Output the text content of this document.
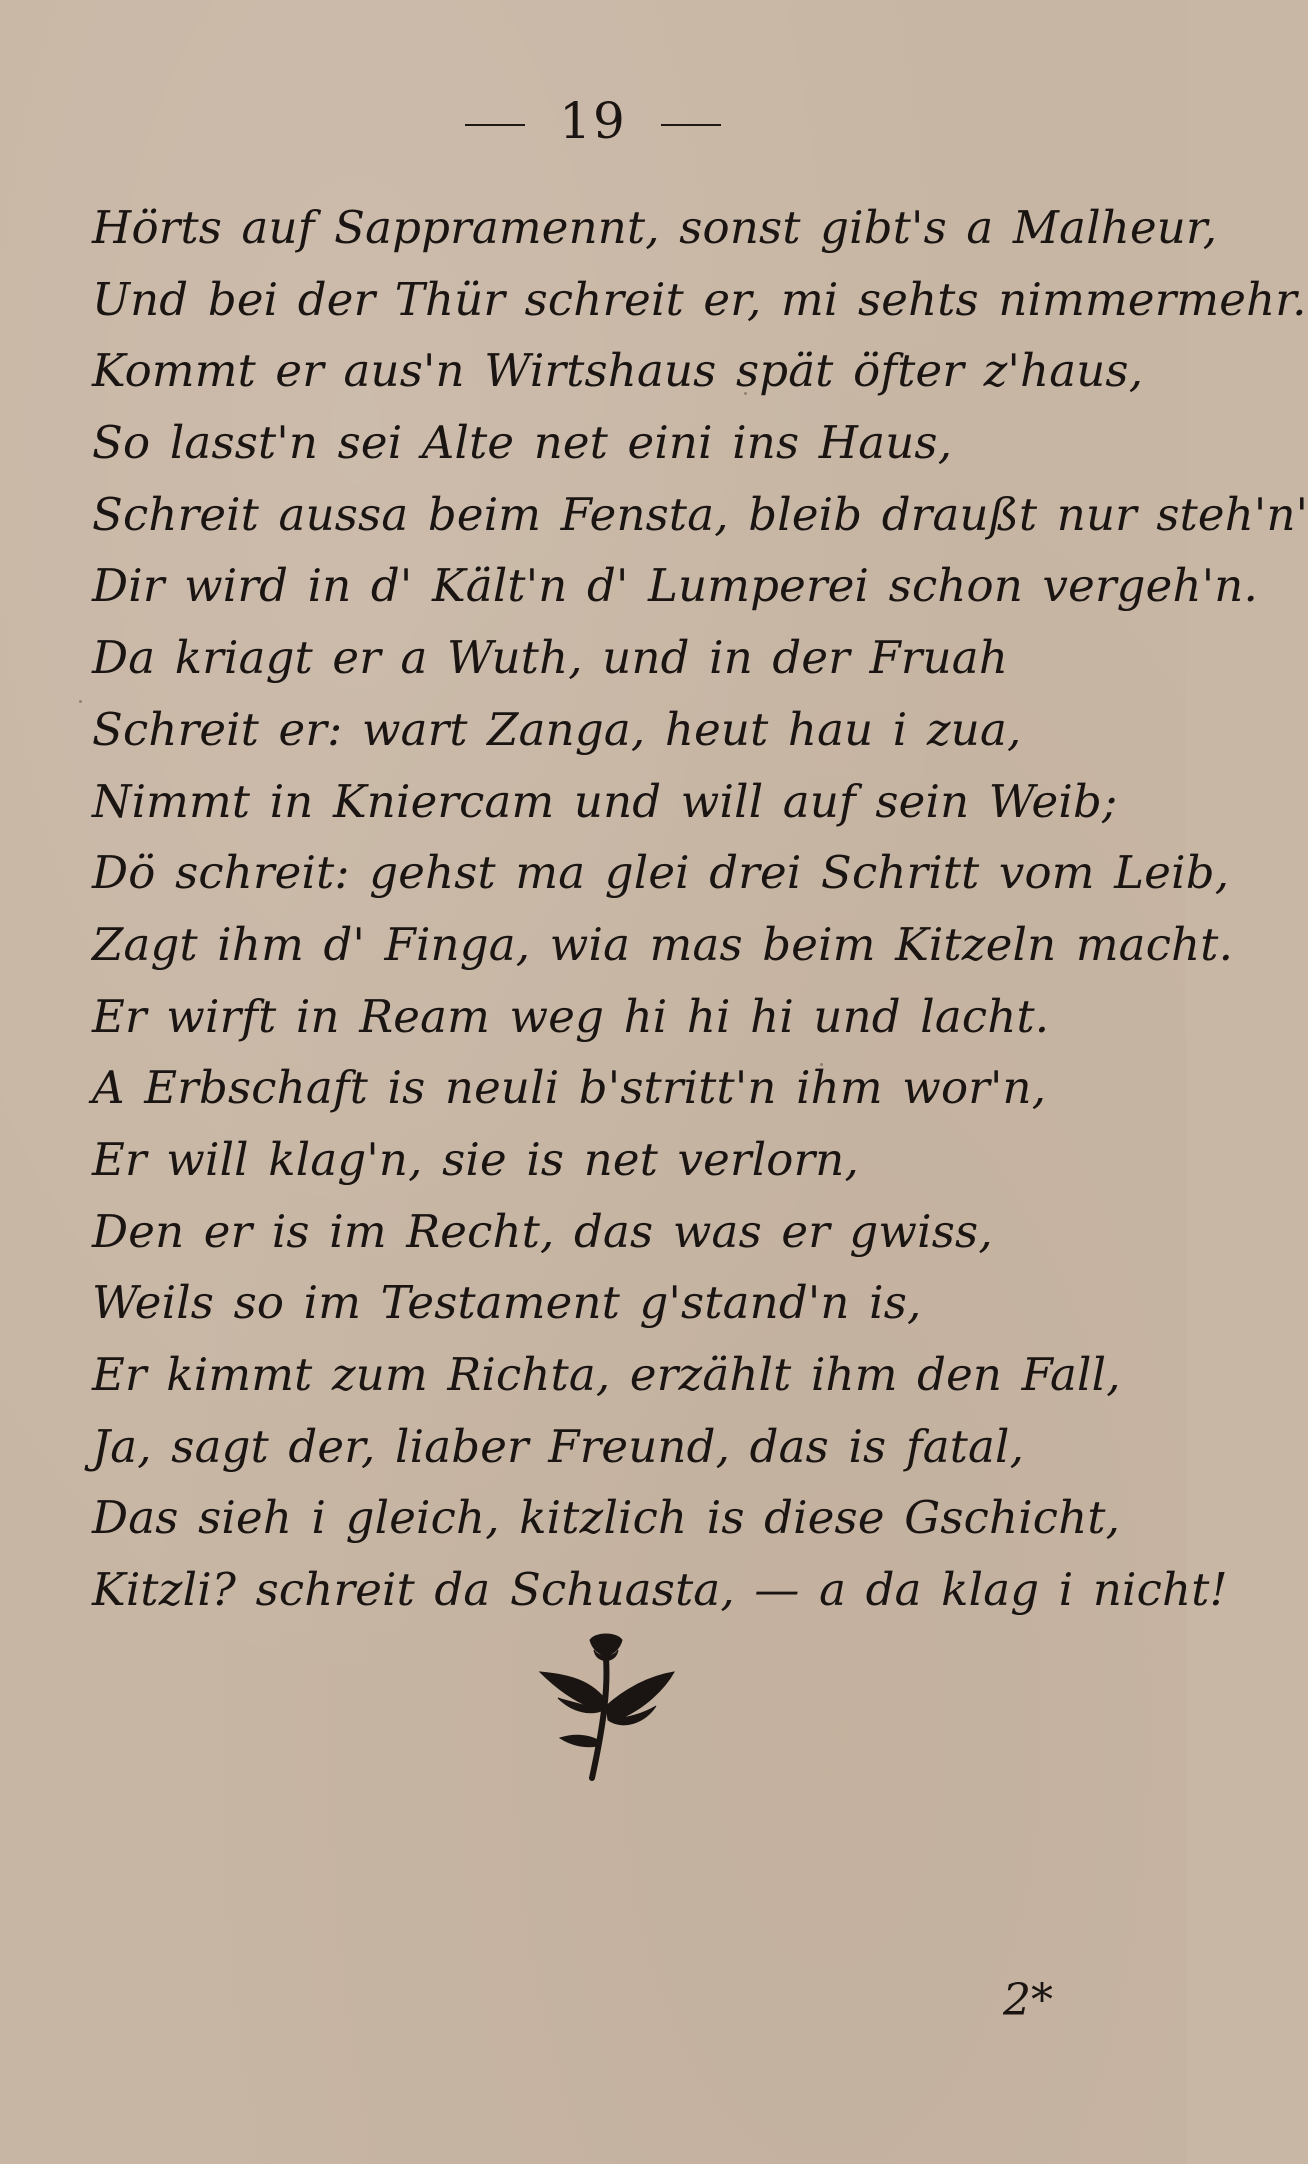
19
Hörts auf Sappramennt, sonst gibt's a Malheur,
Und bei der Thür schreit er, mi sehts nimmermehr.
Kommt er aus'n Wirtshaus spät öfter z'haus,
So lasst'n sei Alte net eini ins Haus,
Schreit aussa beim Fensta, bleib draußt nur steh'n'
Dir wird in d' Kält'n d' Lumperei schon vergeh'n.
Da kriagt er a Wuth, und in der Fruah
Schreit er: wart Zanga, heut hau i zua,
Nimmt in Kniercam und will auf sein Weib;
Dö schreit: gehst ma glei drei Schritt vom Leib,
Zagt ihm d' Finga, wia mas beim Kitzeln macht.
Er wirft in Ream weg hi hi hi und lacht.
A Erbschaft is neuli b'stritt'n ihm wor'n,
Er will klag'n, sie is net verlorn,
Den er is im Recht, das was er gwiss,
Weils so im Testament g'stand'n is,
Er kimmt zum Richta, erzählt ihm den Fall,
Ja, sagt der, liaber Freund, das is fatal,
Das sieh i gleich, kitzlich is diese Gschicht,
Kitzli? schreit da Schuasta, — a da klag i nicht!
2*
